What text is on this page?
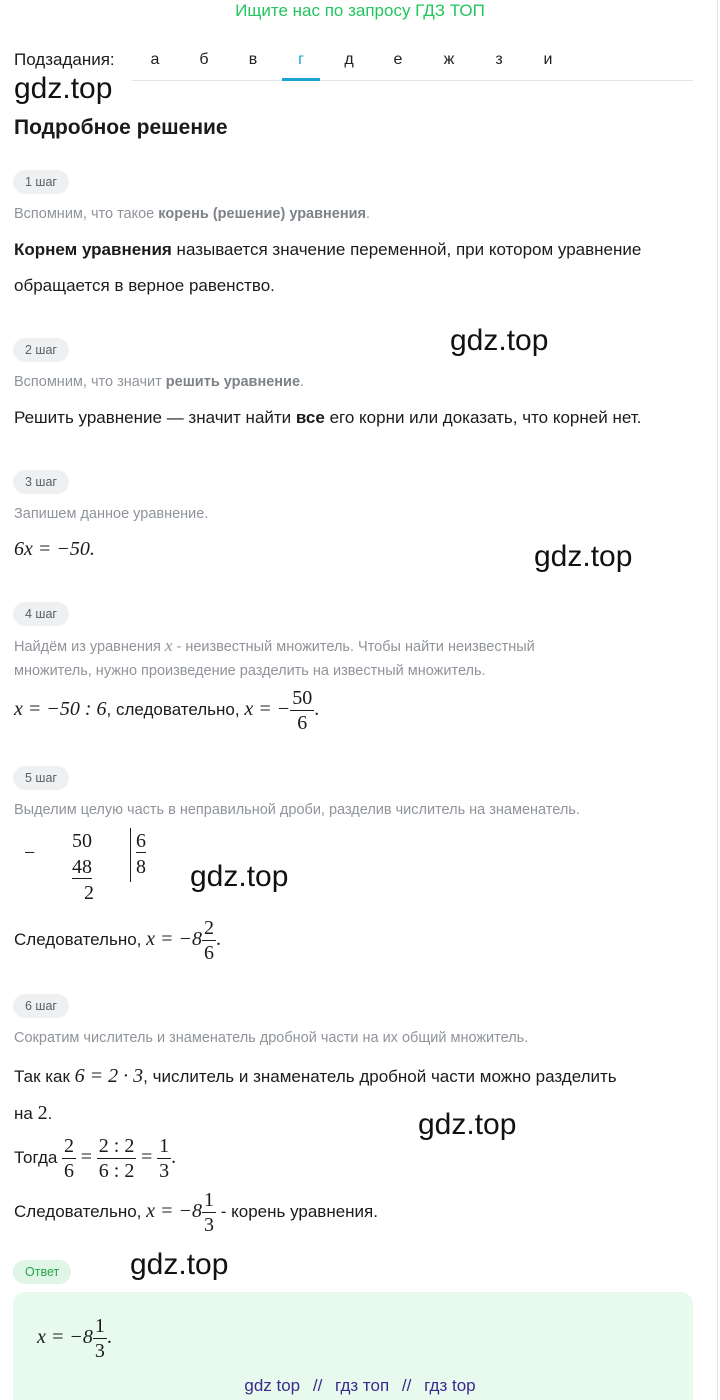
Ищите нас по запросу ГДЗ ТОП
Подзадания:	а	б	в	г	д	е	ж	з	и
gdz.top
Подробное решение
1 шаг
Вспомним, что такое корень (решение) уравнения.
Корнем уравнения называется значение переменной, при котором уравнение
обращается в верное равенство.
gdz.top
2 шаг
Вспомним, что значит решить уравнение.
Решить уравнение — значит найти все его корни или доказать, что корней нет.
3 шаг
Запишем данное уравнение.
6x = −50.	gdz.top
4 шаг
Найдём из уравнения x - неизвестный множитель. Чтобы найти неизвестный
множитель, нужно произведение разделить на известный множитель.
x = −50 : 6, следовательно, x = − $\frac{50}{6}$ .
5 шаг
Выделим целую часть в неправильной дроби, разделив числитель на знаменатель.
−
50
48
2
6
8 gdz.top
Следовательно, $x = -8 \frac{2}{6}$ .
6 шаг
Сократим числитель и знаменатель дробной части на их общий множитель.
Так как 6 = 2 · 3, числитель и знаменатель дробной части можно разделить
на 2.	gdz.top
Тогда $\frac{2}{6} = \frac{2 : 2}{6 : 2} = \frac{1}{3}$ .
Следовательно, $x = -8 \frac{1}{3}$ - корень уравнения.
Ответ	gdz.top
$x = -8 \frac{1}{3}$ .
gdz top // гдз топ // гдз top
